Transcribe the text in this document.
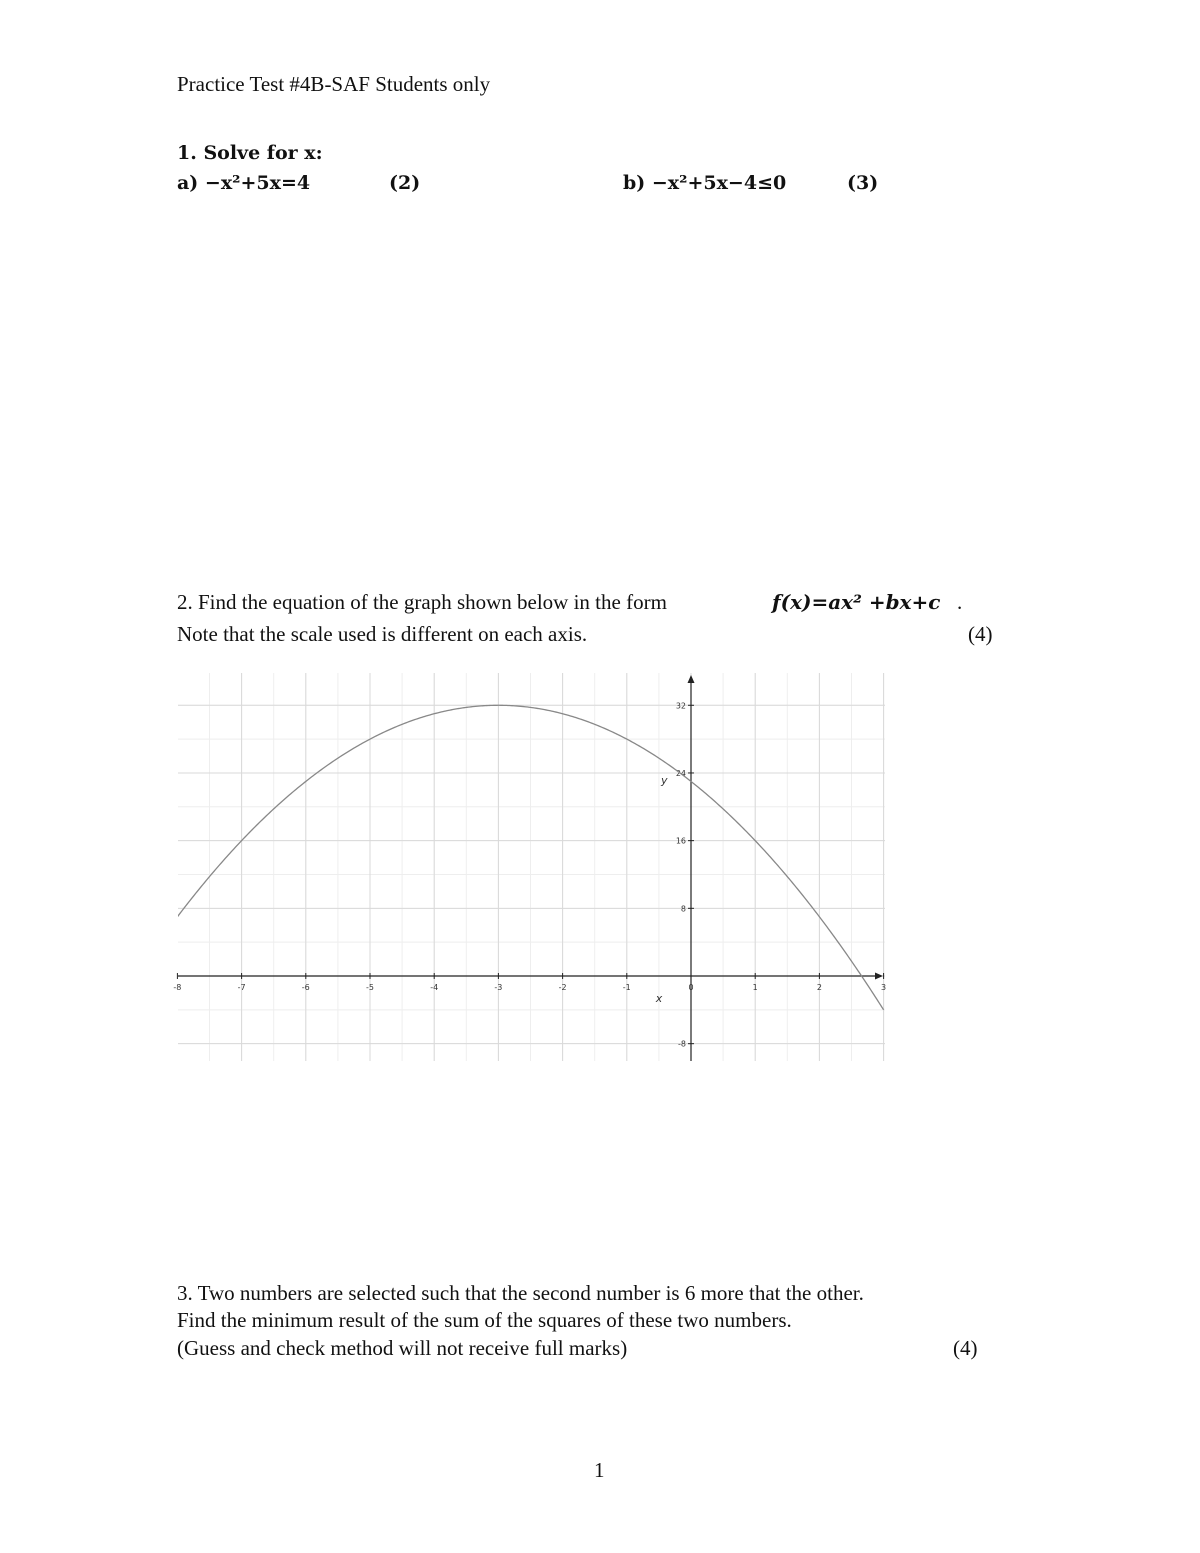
Practice Test #4B-SAF Students only
1. Solve for x:
a) −x²+5x=4	(2)	b) −x²+5x−4≤0	(3)
2. Find the equation of the graph shown below in the form	f(x)=ax² +bx+c .
Note that the scale used is different on each axis.	(4)
-8	-7	-6	-5	-4	-3	-2	-1	0	1	2	3
-8
8
16
24
32
x
y
3. Two numbers are selected such that the second number is 6 more that the other.
Find the minimum result of the sum of the squares of these two numbers.
(Guess and check method will not receive full marks)	(4)
1
